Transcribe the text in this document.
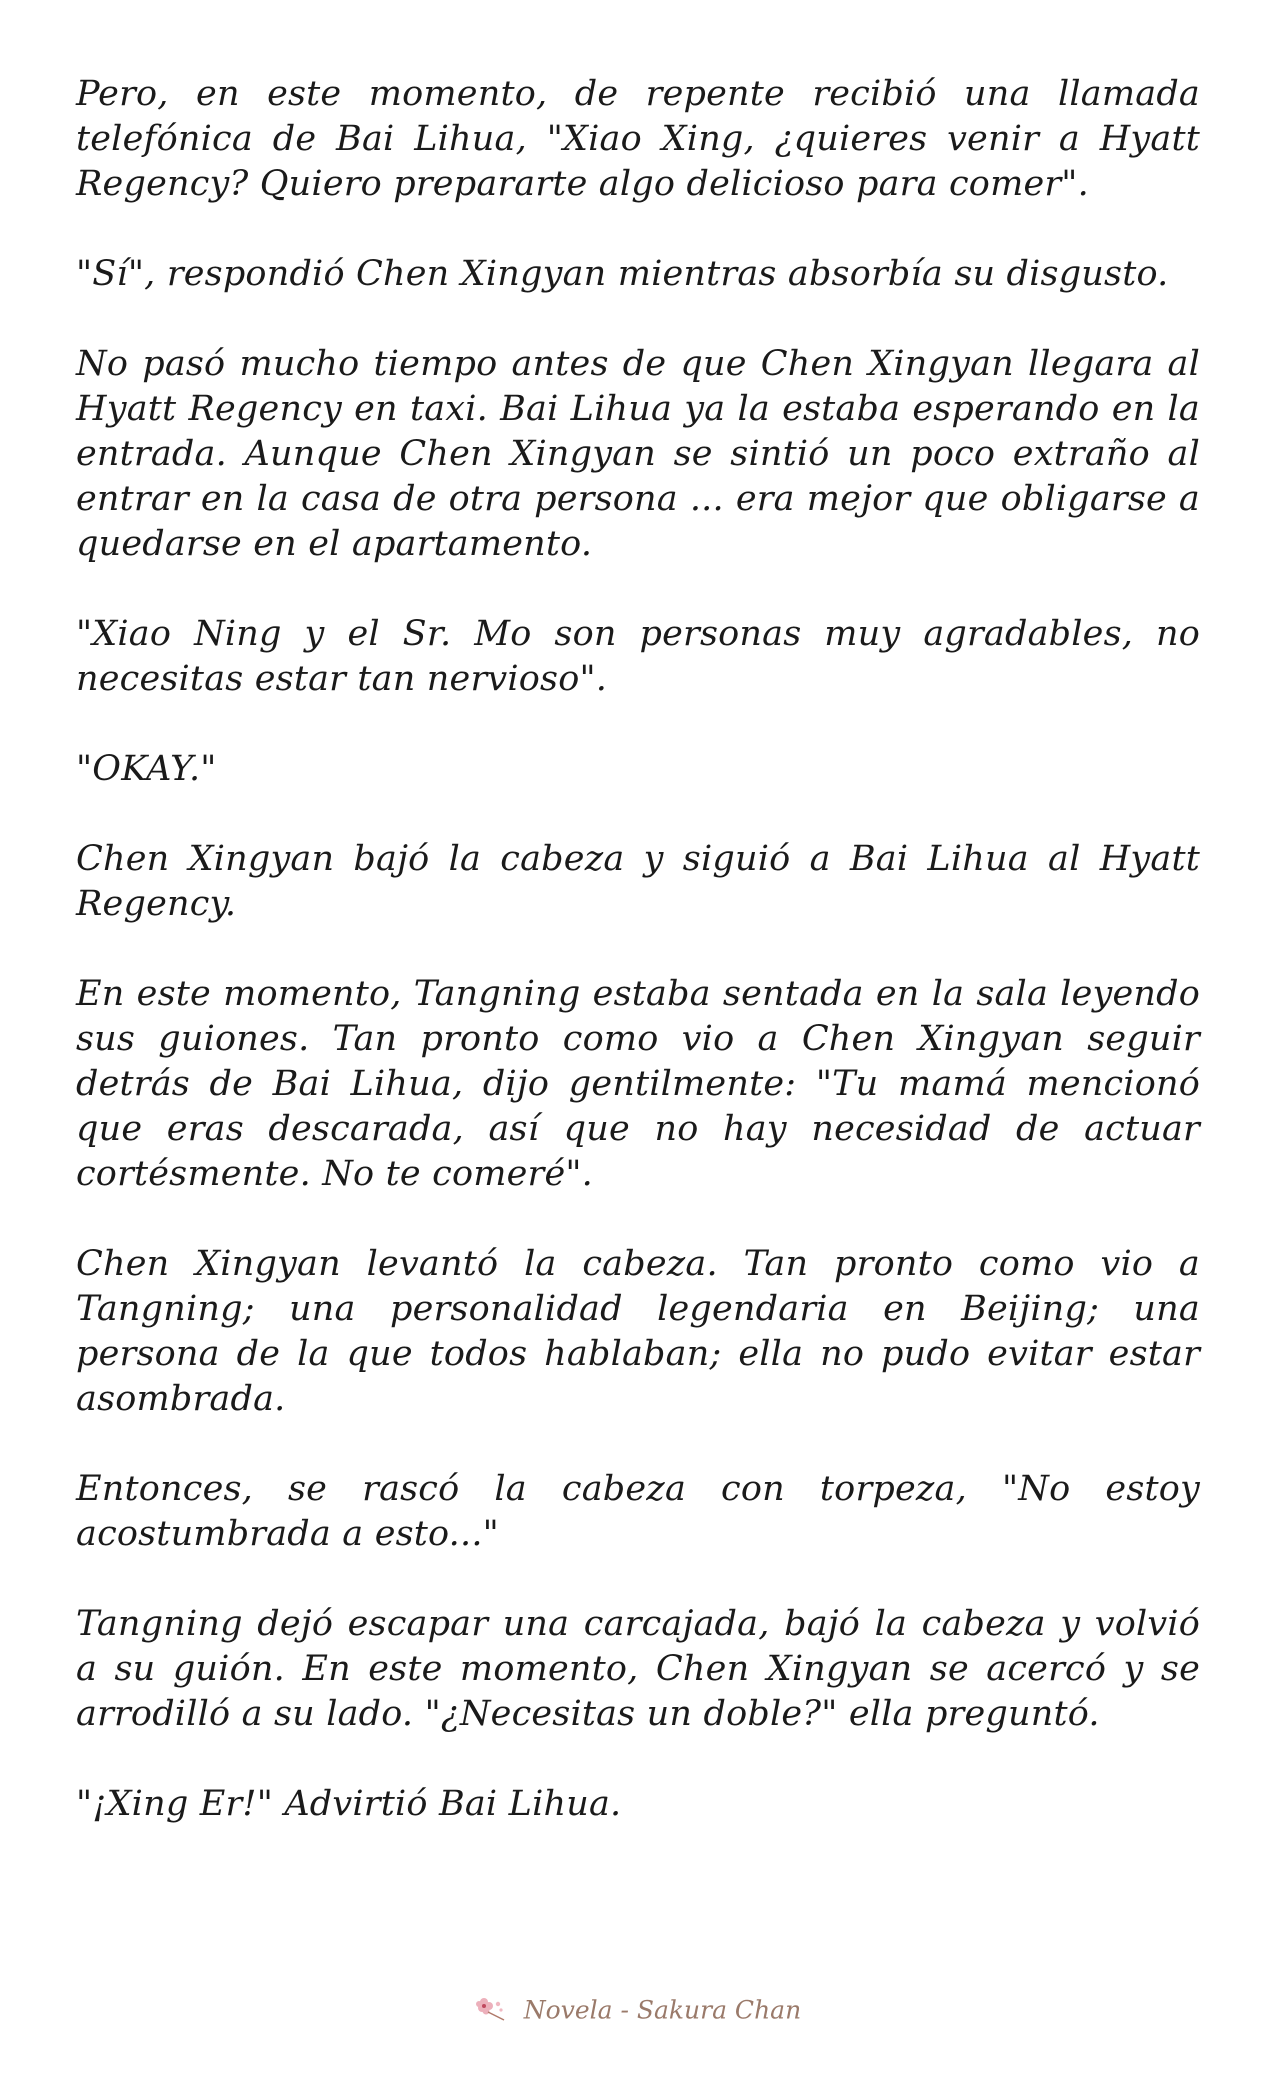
Pero, en este momento, de repente recibió una llamada telefónica de Bai Lihua, "Xiao Xing, ¿quieres venir a Hyatt Regency? Quiero prepararte algo delicioso para comer".

"Sí", respondió Chen Xingyan mientras absorbía su disgusto.

No pasó mucho tiempo antes de que Chen Xingyan llegara al Hyatt Regency en taxi. Bai Lihua ya la estaba esperando en la entrada. Aunque Chen Xingyan se sintió un poco extraño al entrar en la casa de otra persona ... era mejor que obligarse a quedarse en el apartamento.

"Xiao Ning y el Sr. Mo son personas muy agradables, no necesitas estar tan nervioso".

"OKAY."

Chen Xingyan bajó la cabeza y siguió a Bai Lihua al Hyatt Regency.

En este momento, Tangning estaba sentada en la sala leyendo sus guiones. Tan pronto como vio a Chen Xingyan seguir detrás de Bai Lihua, dijo gentilmente: "Tu mamá mencionó que eras descarada, así que no hay necesidad de actuar cortésmente. No te comeré".

Chen Xingyan levantó la cabeza. Tan pronto como vio a Tangning; una personalidad legendaria en Beijing; una persona de la que todos hablaban; ella no pudo evitar estar asombrada.

Entonces, se rascó la cabeza con torpeza, "No estoy acostumbrada a esto..."

Tangning dejó escapar una carcajada, bajó la cabeza y volvió a su guión. En este momento, Chen Xingyan se acercó y se arrodilló a su lado. "¿Necesitas un doble?" ella preguntó.

"¡Xing Er!" Advirtió Bai Lihua.

Novela - Sakura Chan
